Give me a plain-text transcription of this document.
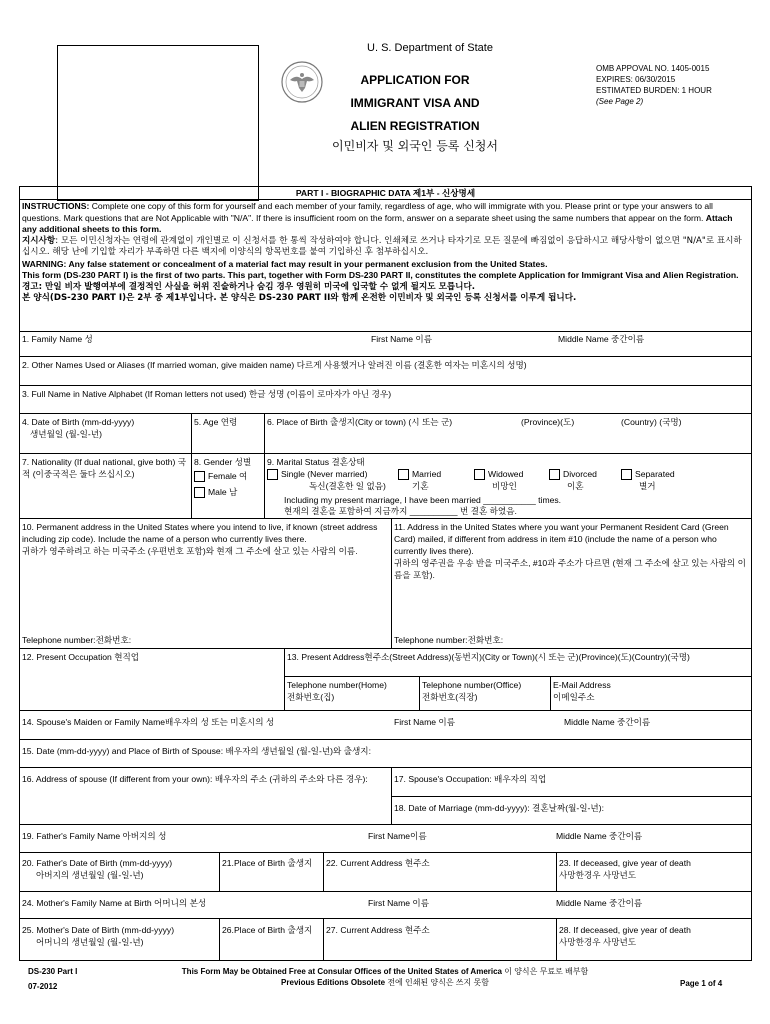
U. S. Department of State
APPLICATION FOR
IMMIGRANT VISA AND
ALIEN REGISTRATION
이민비자 및 외국인 등록 신청서
OMB APPOVAL NO. 1405-0015
EXPIRES: 06/30/2015
ESTIMATED BURDEN: 1 HOUR
(See Page 2)
PART I - BIOGRAPHIC DATA 제1부 - 신상명세
INSTRUCTIONS: Complete one copy of this form for yourself and each member of your family, regardless of age, who will immigrate with you. Please print or type your answers to all questions. Mark questions that are Not Applicable with "N/A". If there is insufficient room on the form, answer on a separate sheet using the same numbers that appear on the form. Attach any additional sheets to this form.
지시사항: 모든 이민신청자는 연령에 관계없이 개인별로 이 신청서를 한 통씩 작성하여야 합니다. 인쇄체로 쓰거나 타자기로 모든 질문에 빠짐없이 응답하시고 해당사항이 없으면 "N/A"로 표시하십시오. 해당 난에 기입할 자리가 부족하면 다른 백지에 이양식의 항목번호를 붙여 기입하신 후 첨부하십시오.
WARNING: Any false statement or concealment of a material fact may result in your permanent exclusion from the United States.
This form (DS-230 PART I) is the first of two parts. This part, together with Form DS-230 PART II, constitutes the complete Application for Immigrant Visa and Alien Registration.
경고: 만일 비자 발행여부에 결정적인 사실을 허위 진술하거나 숨김 경우 영원히 미국에 입국할 수 없게 될지도 모릅니다.
본 양식(DS-230 PART I)은 2부 중 제1부입니다. 본 양식은 DS-230 PART II와 함께 온전한 이민비자 및 외국인 등록 신청서를 이루게 됩니다.
1. Family Name 성	First Name 이름	Middle Name 중간이름
2. Other Names Used or Aliases (If married woman, give maiden name) 다르게 사용했거나 알려진 이름 (결혼한 여자는 미혼시의 성명)
3. Full Name in Native Alphabet (If Roman letters not used) 한글 성명 (이름이 로마자가 아닌 경우)
4. Date of Birth (mm-dd-yyyy)
생년월일 (월-일-년)
5. Age 연령	6. Place of Birth 출생지(City or town) (시 또는 군)	(Province)(도)	(Country) (국명)
7. Nationality (If dual national, give both) 국적 (이중국적은 둘다 쓰십시오)
8. Gender 성별
Female 여
Male 남
9. Marital Status 결혼상태
Single (Never married)
독신(결혼한 일 없음)
Married
기혼
Widowed
비망인
Divorced
이혼
Separated
별거
Including my present marriage, I have been married ___________ times.
현재의 결혼을 포함하여 지금까지 __________ 번 결혼 하였음.
10. Permanent address in the United States where you intend to live, if known (street address including zip code). Include the name of a person who currently lives there.
귀하가 영주하려고 하는 미국주소 (우편번호 포함)와 현재 그 주소에 살고 있는 사람의 이름.
Telephone number:전화번호:
11. Address in the United States where you want your Permanent Resident Card (Green Card) mailed, if different from address in item #10 (include the name of a person who currently lives there).
귀하의 영주권을 우송 반을 미국주소, #10과 주소가 다르면 (현재 그 주소에 살고 있는 사람의 이름을 포함).
Telephone number:전화번호:
12. Present Occupation 현직업	13. Present Address현주소(Street Address)(동번지)(City or Town)(시 또는 군)(Province)(도)(Country)(국명)
Telephone number(Home)
전화번호(집)
Telephone number(Office)
전화번호(직장)
E-Mail Address
이메일주소
14. Spouse's Maiden or Family Name배우자의 성 또는 미혼시의 성	First Name 이름	Middle Name 중간이름
15. Date (mm-dd-yyyy) and Place of Birth of Spouse: 배우자의 생년월일 (월-일-년)와 출생지:
16. Address of spouse (If different from your own): 배우자의 주소 (귀하의 주소와 다른 경우):	17. Spouse's Occupation: 배우자의 직업
18. Date of Marriage (mm-dd-yyyy): 결혼날짜(월-일-년):
19. Father's Family Name 아버지의 성	First Name이름	Middle Name 중간이름
20. Father's Date of Birth (mm-dd-yyyy)
아버지의 생년월일 (월-일-년)
21.Place of Birth 출생지	22. Current Address 현주소	23. If deceased, give year of death
사망한경우 사망년도
24. Mother's Family Name at Birth 어머니의 본성	First Name 이름	Middle Name 중간이름
25. Mother's Date of Birth (mm-dd-yyyy)
어머니의 생년월일 (월-일-년)
26.Place of Birth 출생지	27. Current Address 현주소	28. If deceased, give year of death
사망한경우 사망년도
DS-230 Part I
07-2012
This Form May be Obtained Free at Consular Offices of the United States of America 이 양식은 무료로 배부함
Previous Editions Obsolete 전에 인쇄된 양식은 쓰지 못함	Page 1 of 4
